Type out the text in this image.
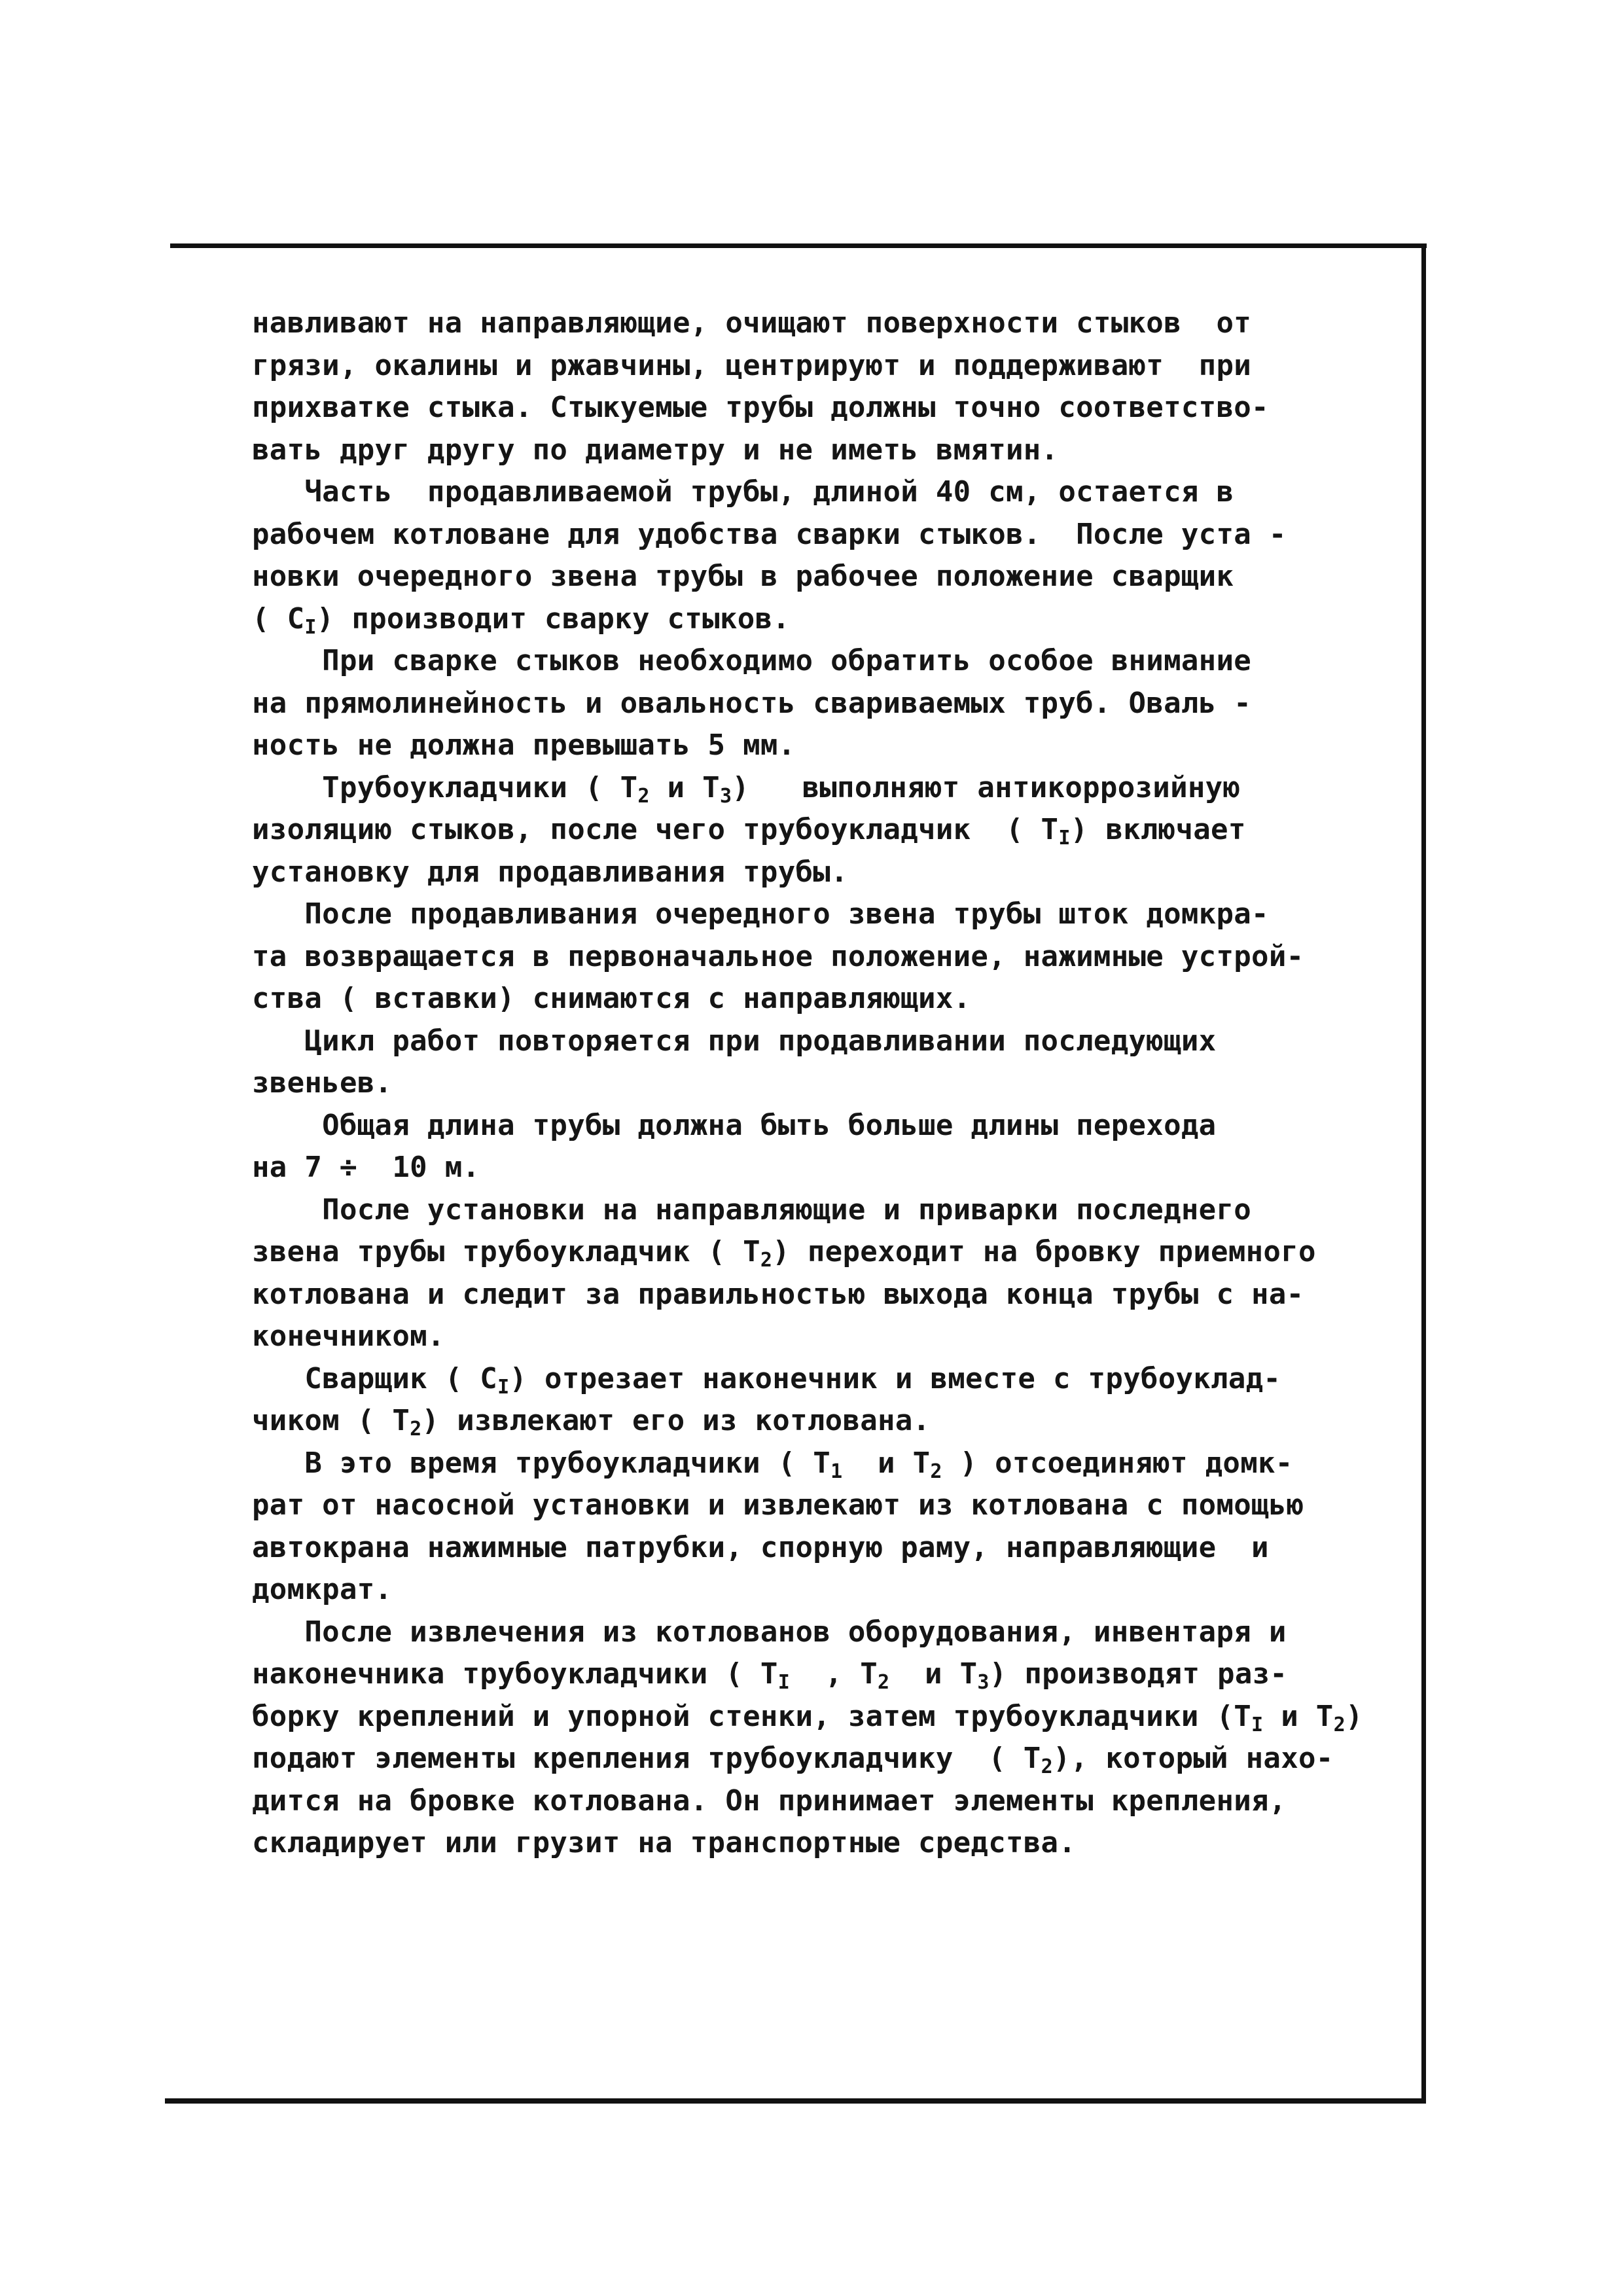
навливают на направляющие, очищают поверхности стыков  от
грязи, окалины и ржавчины, центрируют и поддерживают  при
прихватке стыка. Стыкуемые трубы должны точно соответство-
вать друг другу по диаметру и не иметь вмятин.
Часть  продавливаемой трубы, длиной 40 см, остается в
рабочем котловане для удобства сварки стыков.  После уста -
новки очередного звена трубы в рабочее положение сварщик
( $C_I$) производит сварку стыков.
При сварке стыков необходимо обратить особое внимание
на прямолинейность и овальность свариваемых труб. Оваль -
ность не должна превышать 5 мм.
Трубоукладчики ( $T_2$ и $T_3$)   выполняют антикоррозийную
изоляцию стыков, после чего трубоукладчик  ( $T_I$) включает
установку для продавливания трубы.
После продавливания очередного звена трубы шток домкра-
та возвращается в первоначальное положение, нажимные устрой-
ства ( вставки) снимаются с направляющих.
Цикл работ повторяется при продавливании последующих
звеньев.
Общая длина трубы должна быть больше длины перехода
на 7 ÷  10 м.
После установки на направляющие и приварки последнего
звена трубы трубоукладчик ( $T_2$) переходит на бровку приемного
котлована и следит за правильностью выхода конца трубы с на-
конечником.
Сварщик ( $C_I$) отрезает наконечник и вместе с трубоуклад-
чиком ( $T_2$) извлекают его из котлована.
В это время трубоукладчики ( $T_1$  и $T_2$ ) отсоединяют домк-
рат от насосной установки и извлекают из котлована с помощью
автокрана нажимные патрубки, спорную раму, направляющие  и
домкрат.
После извлечения из котлованов оборудования, инвентаря и
наконечника трубоукладчики ( $T_I$  , $T_2$  и $T_3$) производят раз-
борку креплений и упорной стенки, затем трубоукладчики ($T_I$ и $T_2$)
подают элементы крепления трубоукладчику  ( $T_2$), который нахо-
дится на бровке котлована. Он принимает элементы крепления,
складирует или грузит на транспортные средства.
